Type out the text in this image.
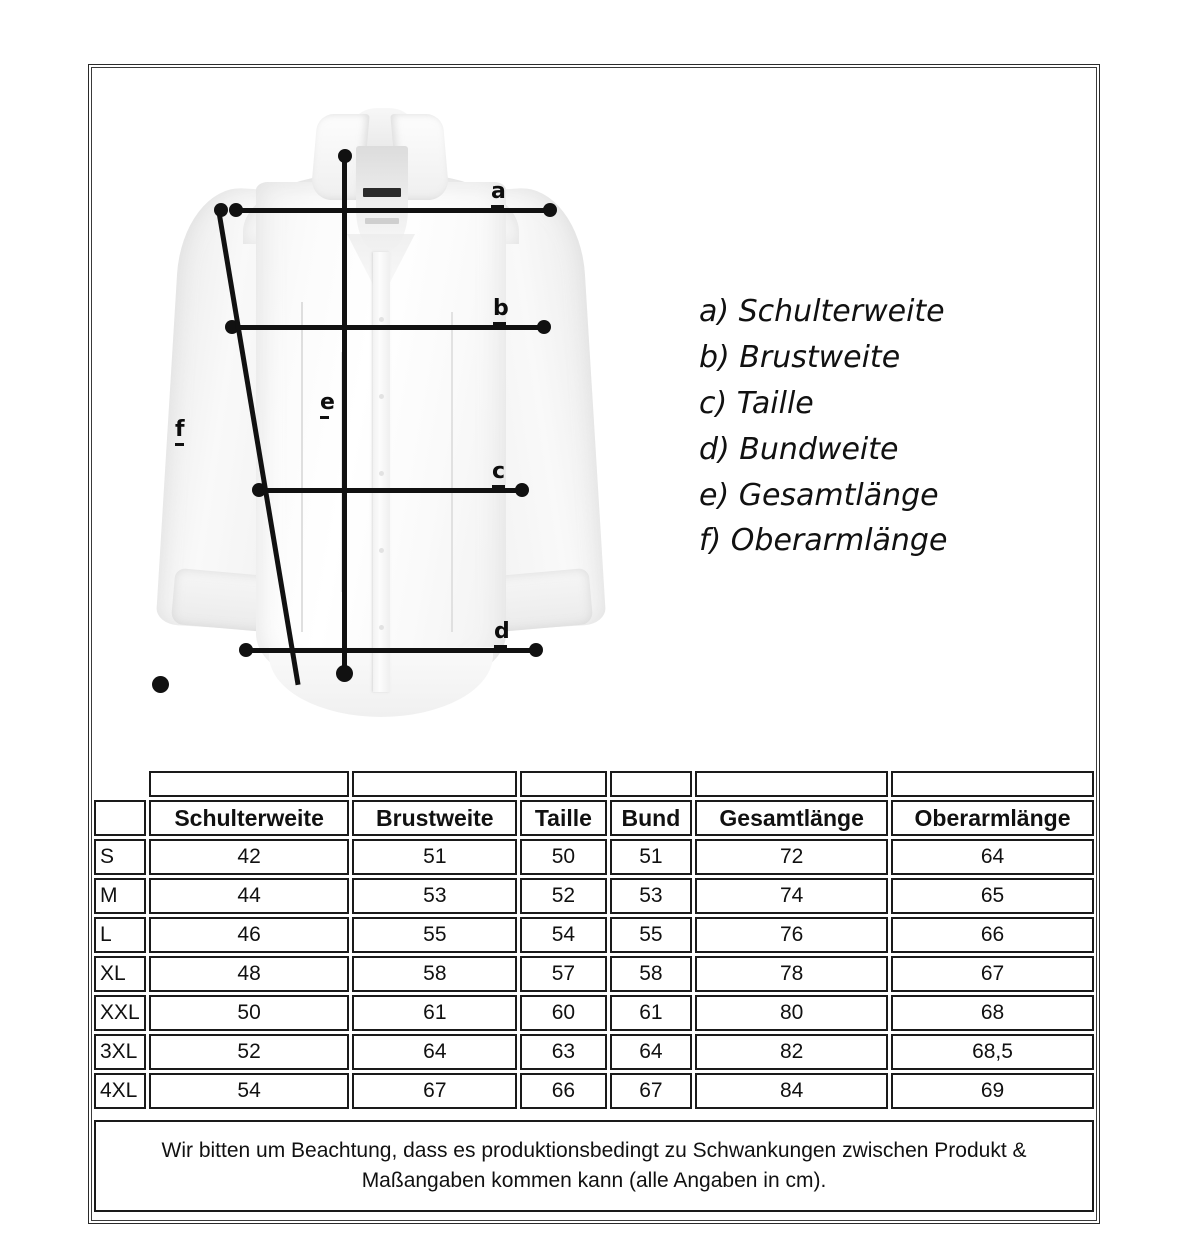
e
a
b
c
d
f
a) Schulterweite
b) Brustweite
c) Taille
d) Bundweite
e) Gesamtlänge
f) Oberarmlänge

	Schulterweite	Brustweite	Taille	Bund	Gesamtlänge	Oberarmlänge
S	42	51	50	51	72	64
M	44	53	52	53	74	65
L	46	55	54	55	76	66
XL	48	58	57	58	78	67
XXL	50	61	60	61	80	68
3XL	52	64	63	64	82	68,5
4XL	54	67	66	67	84	69

Wir bitten um Beachtung, dass es produktionsbedingt zu Schwankungen zwischen Produkt & Maßangaben kommen kann (alle Angaben in cm).
